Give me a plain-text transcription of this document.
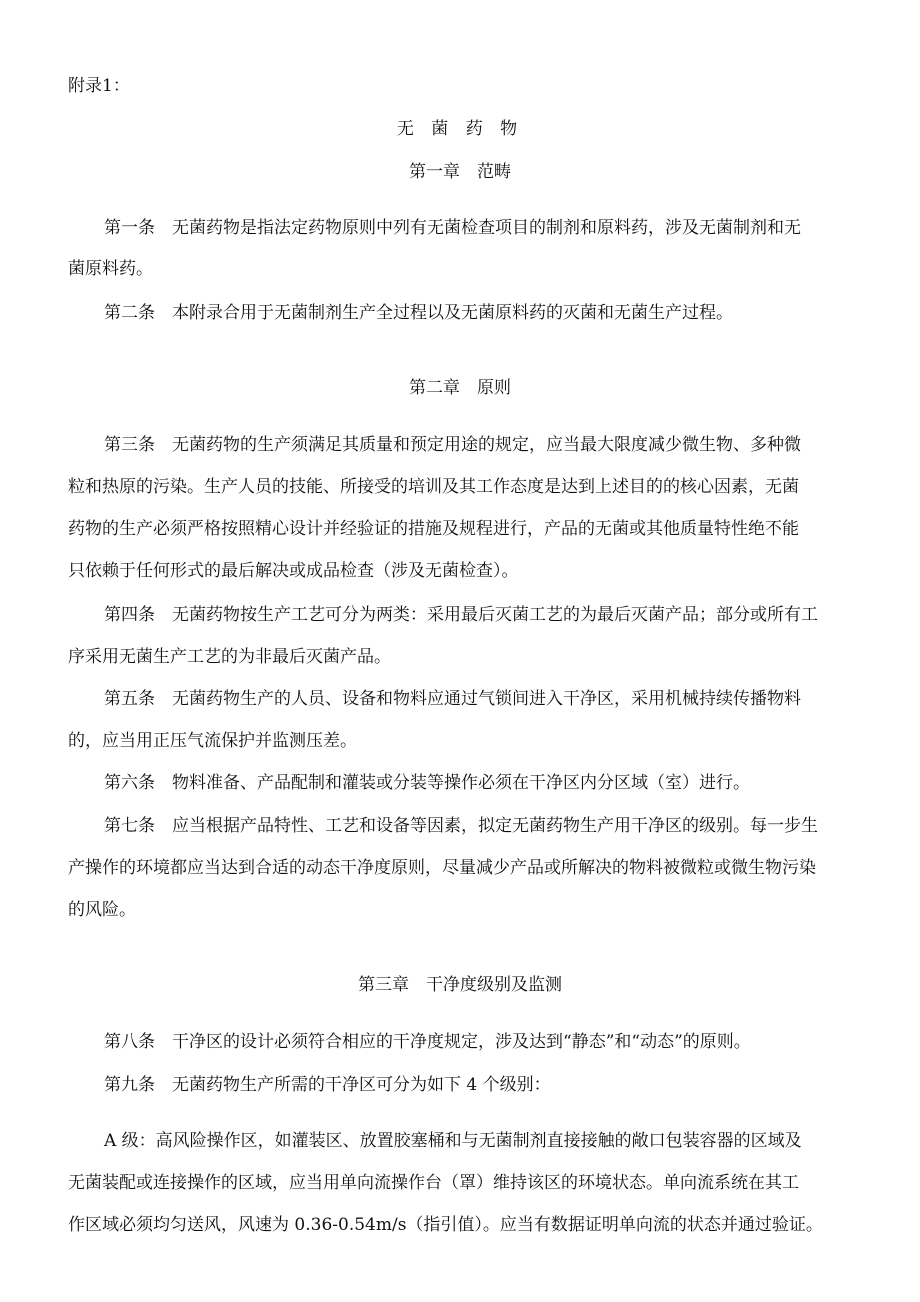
附录1：
无 菌 药 物
第一章　范畴
第一条　无菌药物是指法定药物原则中列有无菌检查项目的制剂和原料药，涉及无菌制剂和无
菌原料药。
第二条　本附录合用于无菌制剂生产全过程以及无菌原料药的灭菌和无菌生产过程。
第二章　原则
第三条　无菌药物的生产须满足其质量和预定用途的规定，应当最大限度减少微生物、多种微
粒和热原的污染。生产人员的技能、所接受的培训及其工作态度是达到上述目的的核心因素，无菌
药物的生产必须严格按照精心设计并经验证的措施及规程进行，产品的无菌或其他质量特性绝不能
只依赖于任何形式的最后解决或成品检查（涉及无菌检查）。
第四条　无菌药物按生产工艺可分为两类：采用最后灭菌工艺的为最后灭菌产品；部分或所有工
序采用无菌生产工艺的为非最后灭菌产品。
第五条　无菌药物生产的人员、设备和物料应通过气锁间进入干净区，采用机械持续传播物料
的，应当用正压气流保护并监测压差。
第六条　物料准备、产品配制和灌装或分装等操作必须在干净区内分区域（室）进行。
第七条　应当根据产品特性、工艺和设备等因素，拟定无菌药物生产用干净区的级别。每一步生
产操作的环境都应当达到合适的动态干净度原则，尽量减少产品或所解决的物料被微粒或微生物污染
的风险。
第三章　干净度级别及监测
第八条　干净区的设计必须符合相应的干净度规定，涉及达到“静态”和“动态”的原则。
第九条　无菌药物生产所需的干净区可分为如下 4 个级别：
A 级：高风险操作区，如灌装区、放置胶塞桶和与无菌制剂直接接触的敞口包装容器的区域及
无菌装配或连接操作的区域，应当用单向流操作台（罩）维持该区的环境状态。单向流系统在其工
作区域必须均匀送风，风速为 0.36-0.54m/s（指引值）。应当有数据证明单向流的状态并通过验证。
